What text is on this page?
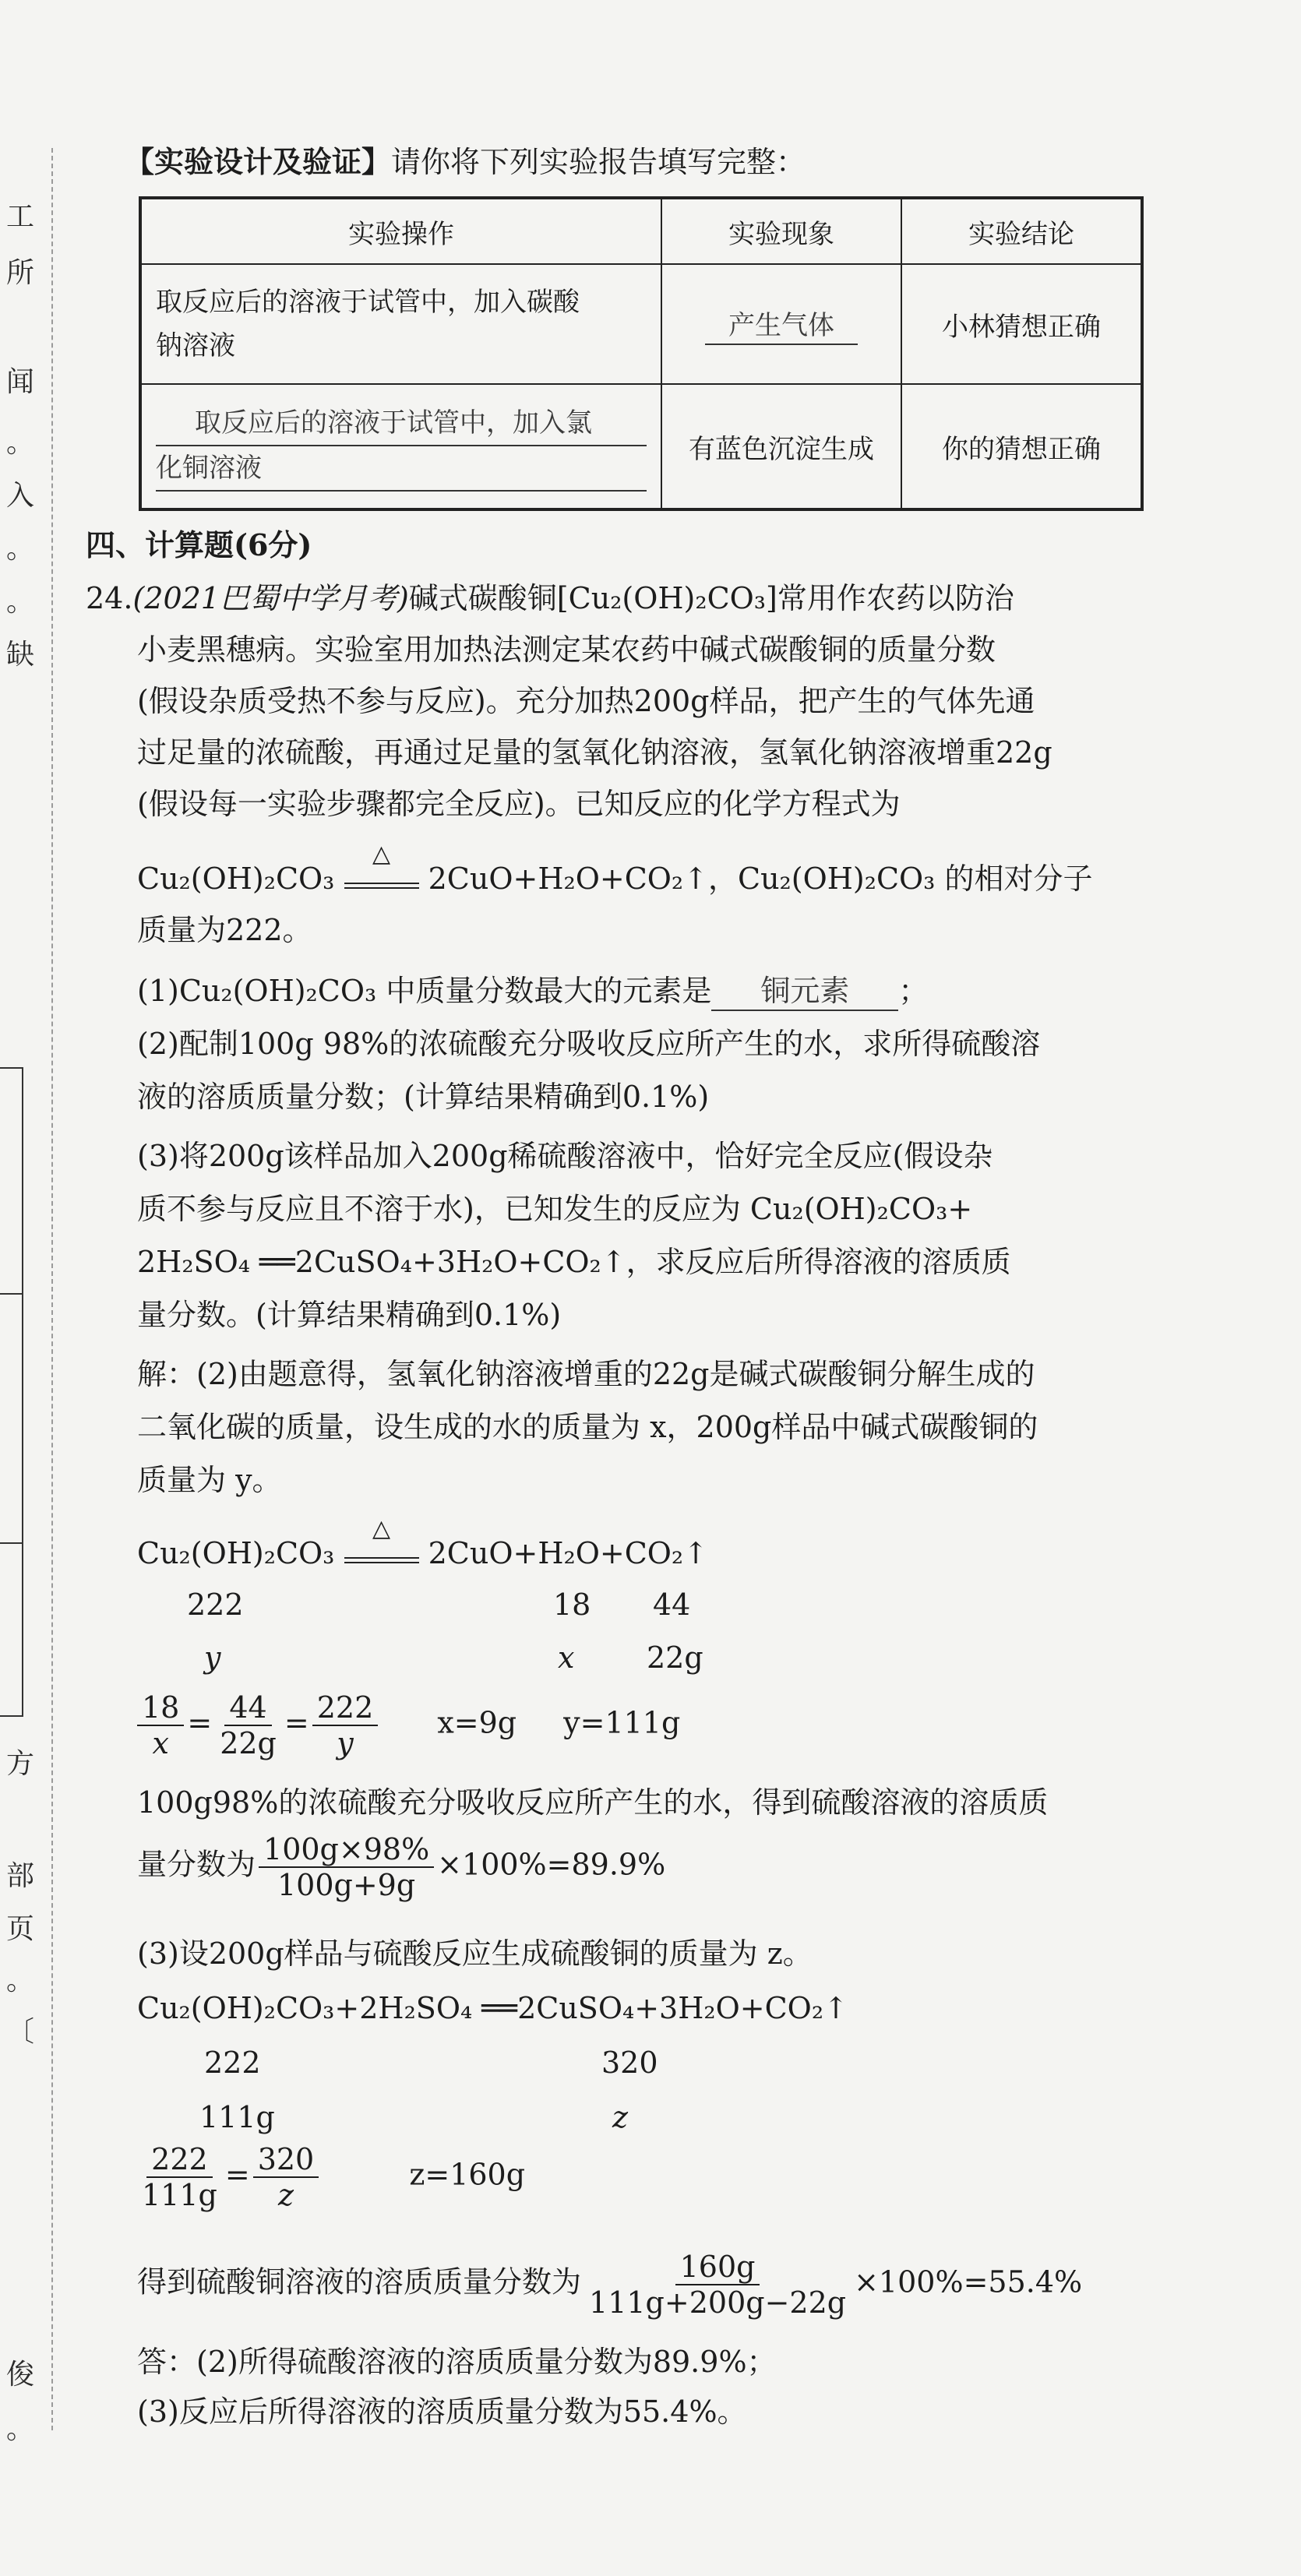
工
所
闻
。
入
。
。
缺
方
部
页
。
〔
俊
。
【实验设计及验证】请你将下列实验报告填写完整：
实验操作	实验现象	实验结论

取反应后的溶液于试管中，加入碳酸
钠溶液	产生气体	小林猜想正确

取反应后的溶液于试管中，加入氯
化铜溶液	有蓝色沉淀生成	你的猜想正确
四、计算题(6分)
24.(2021巴蜀中学月考)碱式碳酸铜[Cu₂(OH)₂CO₃]常用作农药以防治
小麦黑穗病。实验室用加热法测定某农药中碱式碳酸铜的质量分数
(假设杂质受热不参与反应)。充分加热200g样品，把产生的气体先通
过足量的浓硫酸，再通过足量的氢氧化钠溶液，氢氧化钠溶液增重22g
(假设每一实验步骤都完全反应)。已知反应的化学方程式为
Cu₂(OH)₂CO₃
△
2CuO+H₂O+CO₂↑，Cu₂(OH)₂CO₃ 的相对分子
质量为222。
(1)Cu₂(OH)₂CO₃ 中质量分数最大的元素是 铜元素 ；
(2)配制100g 98%的浓硫酸充分吸收反应所产生的水，求所得硫酸溶
液的溶质质量分数；(计算结果精确到0.1%)
(3)将200g该样品加入200g稀硫酸溶液中，恰好完全反应(假设杂
质不参与反应且不溶于水)，已知发生的反应为 Cu₂(OH)₂CO₃+
2H₂SO₄ ══2CuSO₄+3H₂O+CO₂↑，求反应后所得溶液的溶质质
量分数。(计算结果精确到0.1%)
解：(2)由题意得，氢氧化钠溶液增重的22g是碱式碳酸铜分解生成的
二氧化碳的质量，设生成的水的质量为 x，200g样品中碱式碳酸铜的
质量为 y。
Cu₂(OH)₂CO₃
△
2CuO+H₂O+CO₂↑
222	18 44
y	x 22g
$\frac{18}{x} = \frac{44}{22g} = \frac{222}{y} x=9g$ y=111g
100g98%的浓硫酸充分吸收反应所产生的水，得到硫酸溶液的溶质质
量分数为 $\frac{100g\times 98\%}{100g+9g} \times 100\%=89.9\%$
(3)设200g样品与硫酸反应生成硫酸铜的质量为 z。
Cu₂(OH)₂CO₃+2H₂SO₄ ══2CuSO₄+3H₂O+CO₂↑
222	320
111g	z
$\frac{222}{111g} = \frac{320}{z}$	z=160g
得到硫酸铜溶液的溶质质量分数为 $\frac{160g}{111g+200g-22g} \times 100\%=55.4\%$
答：(2)所得硫酸溶液的溶质质量分数为89.9%；
(3)反应后所得溶液的溶质质量分数为55.4%。
